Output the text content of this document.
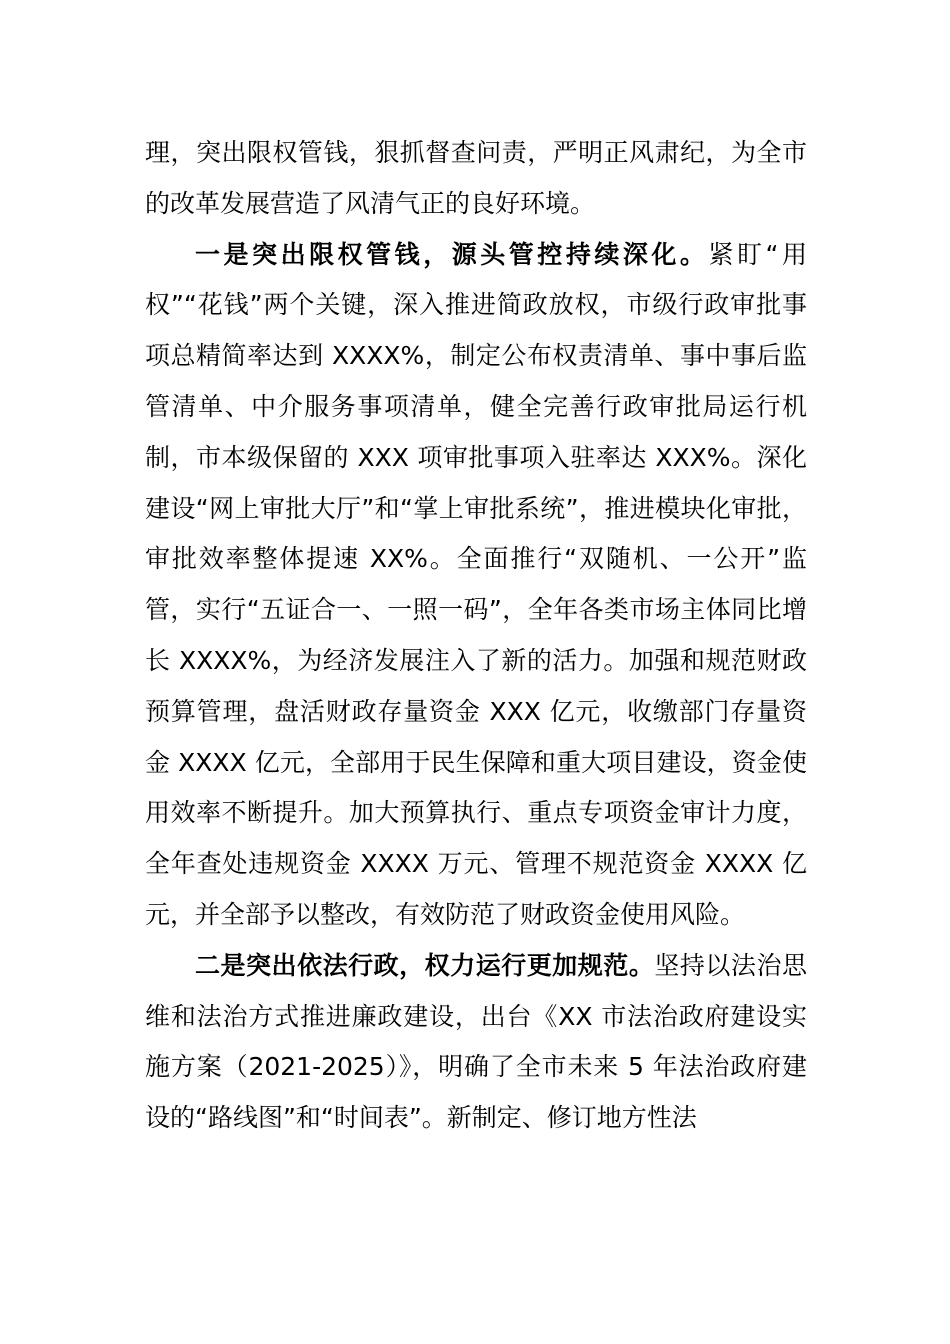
理，突出限权管钱，狠抓督查问责，严明正风肃纪，为全市的改革发展营造了风清气正的良好环境。

一是突出限权管钱，源头管控持续深化。紧盯“用权”“花钱”两个关键，深入推进简政放权，市级行政审批事项总精简率达到 XXXX%，制定公布权责清单、事中事后监管清单、中介服务事项清单，健全完善行政审批局运行机制，市本级保留的 XXX 项审批事项入驻率达 XXX%。深化建设“网上审批大厅”和“掌上审批系统”，推进模块化审批，审批效率整体提速 XX%。全面推行“双随机、一公开”监管，实行“五证合一、一照一码”，全年各类市场主体同比增长 XXXX%，为经济发展注入了新的活力。加强和规范财政预算管理，盘活财政存量资金 XXX 亿元，收缴部门存量资金 XXXX 亿元，全部用于民生保障和重大项目建设，资金使用效率不断提升。加大预算执行、重点专项资金审计力度，全年查处违规资金 XXXX 万元、管理不规范资金 XXXX 亿元，并全部予以整改，有效防范了财政资金使用风险。

二是突出依法行政，权力运行更加规范。坚持以法治思维和法治方式推进廉政建设，出台《XX 市法治政府建设实施方案（2021-2025）》，明确了全市未来 5 年法治政府建设的“路线图”和“时间表”。新制定、修订地方性法
